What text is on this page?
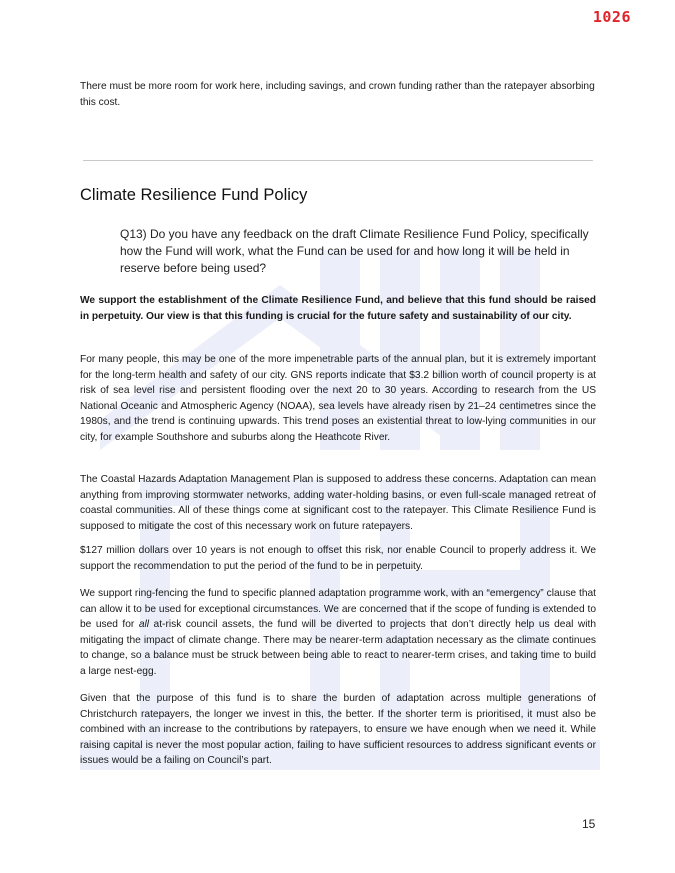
1026

There must be more room for work here, including savings, and crown funding rather than the ratepayer absorbing this cost.

Climate Resilience Fund Policy

Q13) Do you have any feedback on the draft Climate Resilience Fund Policy, specifically how the Fund will work, what the Fund can be used for and how long it will be held in reserve before being used?

We support the establishment of the Climate Resilience Fund, and believe that this fund should be raised in perpetuity. Our view is that this funding is crucial for the future safety and sustainability of our city.

For many people, this may be one of the more impenetrable parts of the annual plan, but it is extremely important for the long-term health and safety of our city. GNS reports indicate that $3.2 billion worth of council property is at risk of sea level rise and persistent flooding over the next 20 to 30 years. According to research from the US National Oceanic and Atmospheric Agency (NOAA), sea levels have already risen by 21–24 centimetres since the 1980s, and the trend is continuing upwards. This trend poses an existential threat to low-lying communities in our city, for example Southshore and suburbs along the Heathcote River.

The Coastal Hazards Adaptation Management Plan is supposed to address these concerns. Adaptation can mean anything from improving stormwater networks, adding water-holding basins, or even full-scale managed retreat of coastal communities. All of these things come at significant cost to the ratepayer. This Climate Resilience Fund is supposed to mitigate the cost of this necessary work on future ratepayers.

$127 million dollars over 10 years is not enough to offset this risk, nor enable Council to properly address it. We support the recommendation to put the period of the fund to be in perpetuity.

We support ring-fencing the fund to specific planned adaptation programme work, with an “emergency” clause that can allow it to be used for exceptional circumstances. We are concerned that if the scope of funding is extended to be used for all at-risk council assets, the fund will be diverted to projects that don’t directly help us deal with mitigating the impact of climate change. There may be nearer-term adaptation necessary as the climate continues to change, so a balance must be struck between being able to react to nearer-term crises, and taking time to build a large nest-egg.

Given that the purpose of this fund is to share the burden of adaptation across multiple generations of Christchurch ratepayers, the longer we invest in this, the better. If the shorter term is prioritised, it must also be combined with an increase to the contributions by ratepayers, to ensure we have enough when we need it. While raising capital is never the most popular action, failing to have sufficient resources to address significant events or issues would be a failing on Council’s part.

15
